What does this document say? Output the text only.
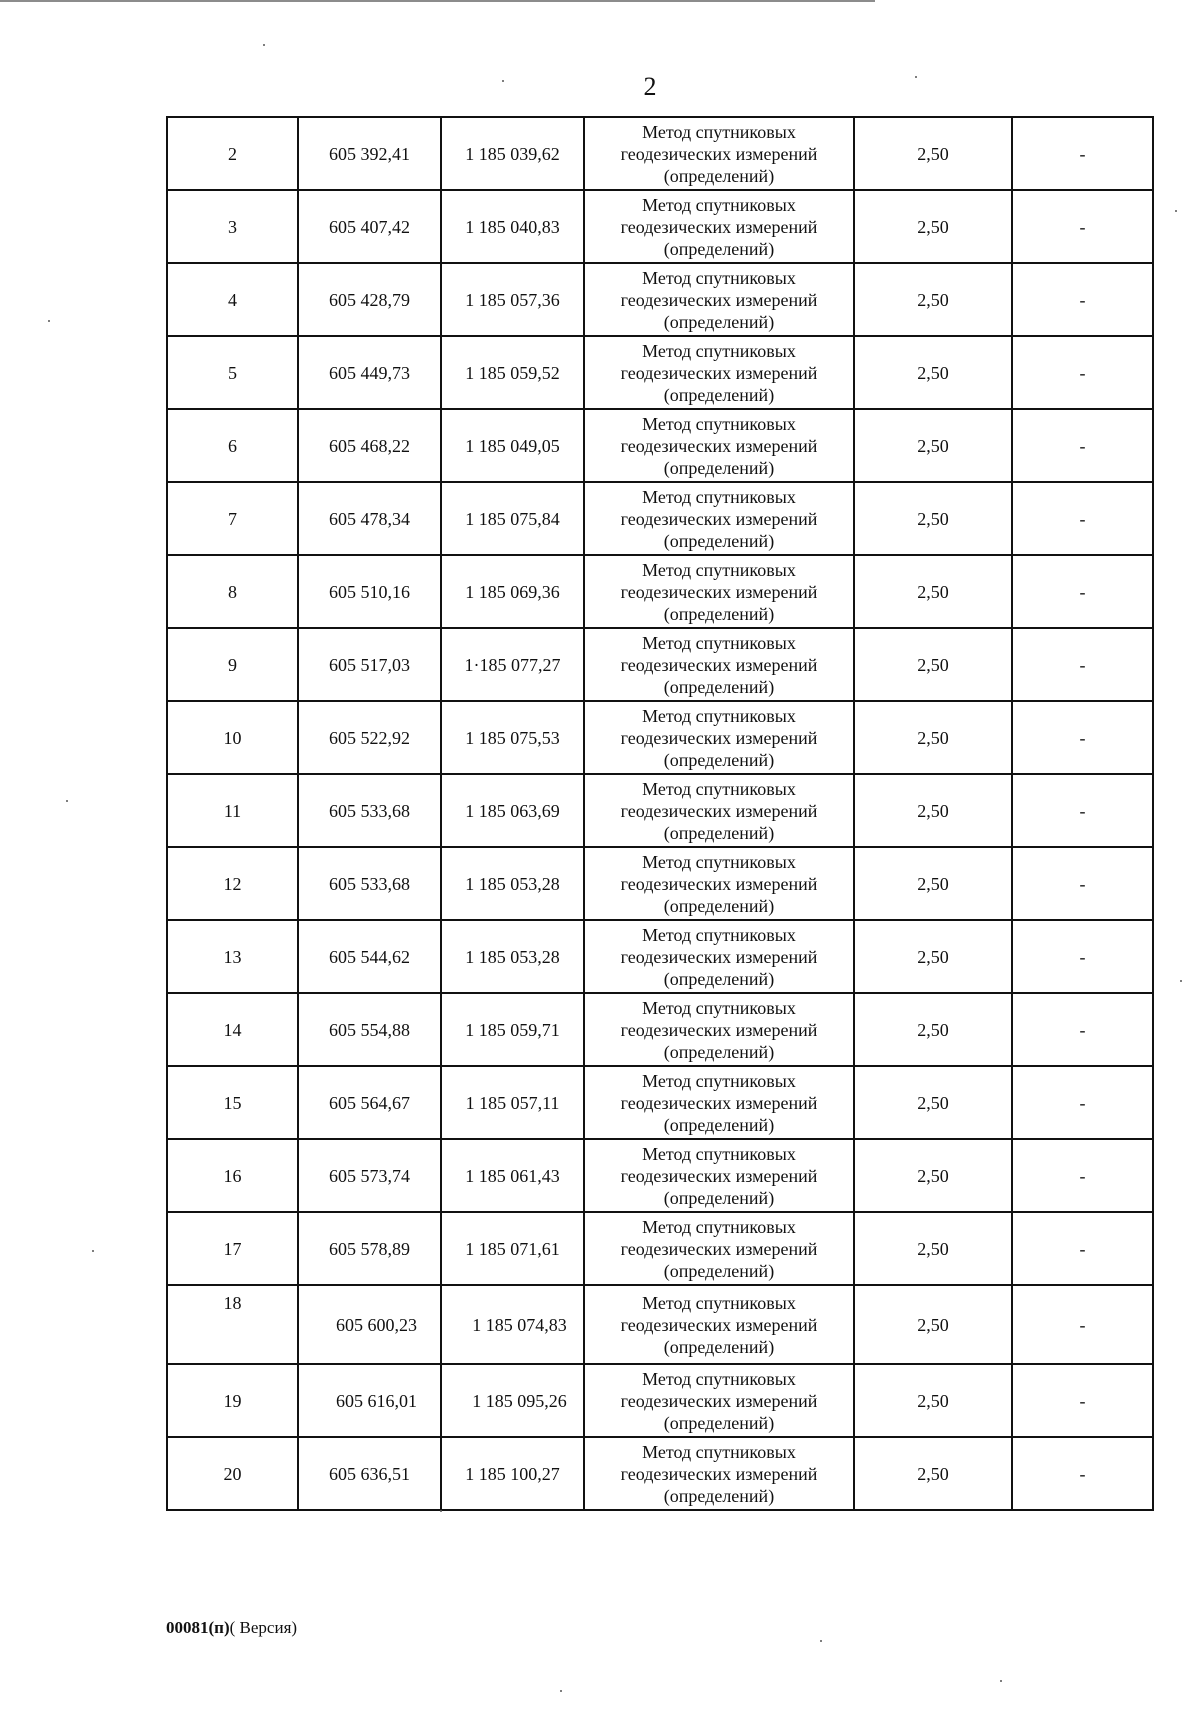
2
2	605 392,41	1 185 039,62	Метод спутниковых геодезических измерений (определений)	2,50	-
3	605 407,42	1 185 040,83	Метод спутниковых геодезических измерений (определений)	2,50	-
4	605 428,79	1 185 057,36	Метод спутниковых геодезических измерений (определений)	2,50	-
5	605 449,73	1 185 059,52	Метод спутниковых геодезических измерений (определений)	2,50	-
6	605 468,22	1 185 049,05	Метод спутниковых геодезических измерений (определений)	2,50	-
7	605 478,34	1 185 075,84	Метод спутниковых геодезических измерений (определений)	2,50	-
8	605 510,16	1 185 069,36	Метод спутниковых геодезических измерений (определений)	2,50	-
9	605 517,03	1·185 077,27	Метод спутниковых геодезических измерений (определений)	2,50	-
10	605 522,92	1 185 075,53	Метод спутниковых геодезических измерений (определений)	2,50	-
11	605 533,68	1 185 063,69	Метод спутниковых геодезических измерений (определений)	2,50	-
12	605 533,68	1 185 053,28	Метод спутниковых геодезических измерений (определений)	2,50	-
13	605 544,62	1 185 053,28	Метод спутниковых геодезических измерений (определений)	2,50	-
14	605 554,88	1 185 059,71	Метод спутниковых геодезических измерений (определений)	2,50	-
15	605 564,67	1 185 057,11	Метод спутниковых геодезических измерений (определений)	2,50	-
16	605 573,74	1 185 061,43	Метод спутниковых геодезических измерений (определений)	2,50	-
17	605 578,89	1 185 071,61	Метод спутниковых геодезических измерений (определений)	2,50	-
18	605 600,23	1 185 074,83	Метод спутниковых геодезических измерений (определений)	2,50	-
19	605 616,01	1 185 095,26	Метод спутниковых геодезических измерений (определений)	2,50	-
20	605 636,51	1 185 100,27	Метод спутниковых геодезических измерений (определений)	2,50	-
00081(п)( Версия)
